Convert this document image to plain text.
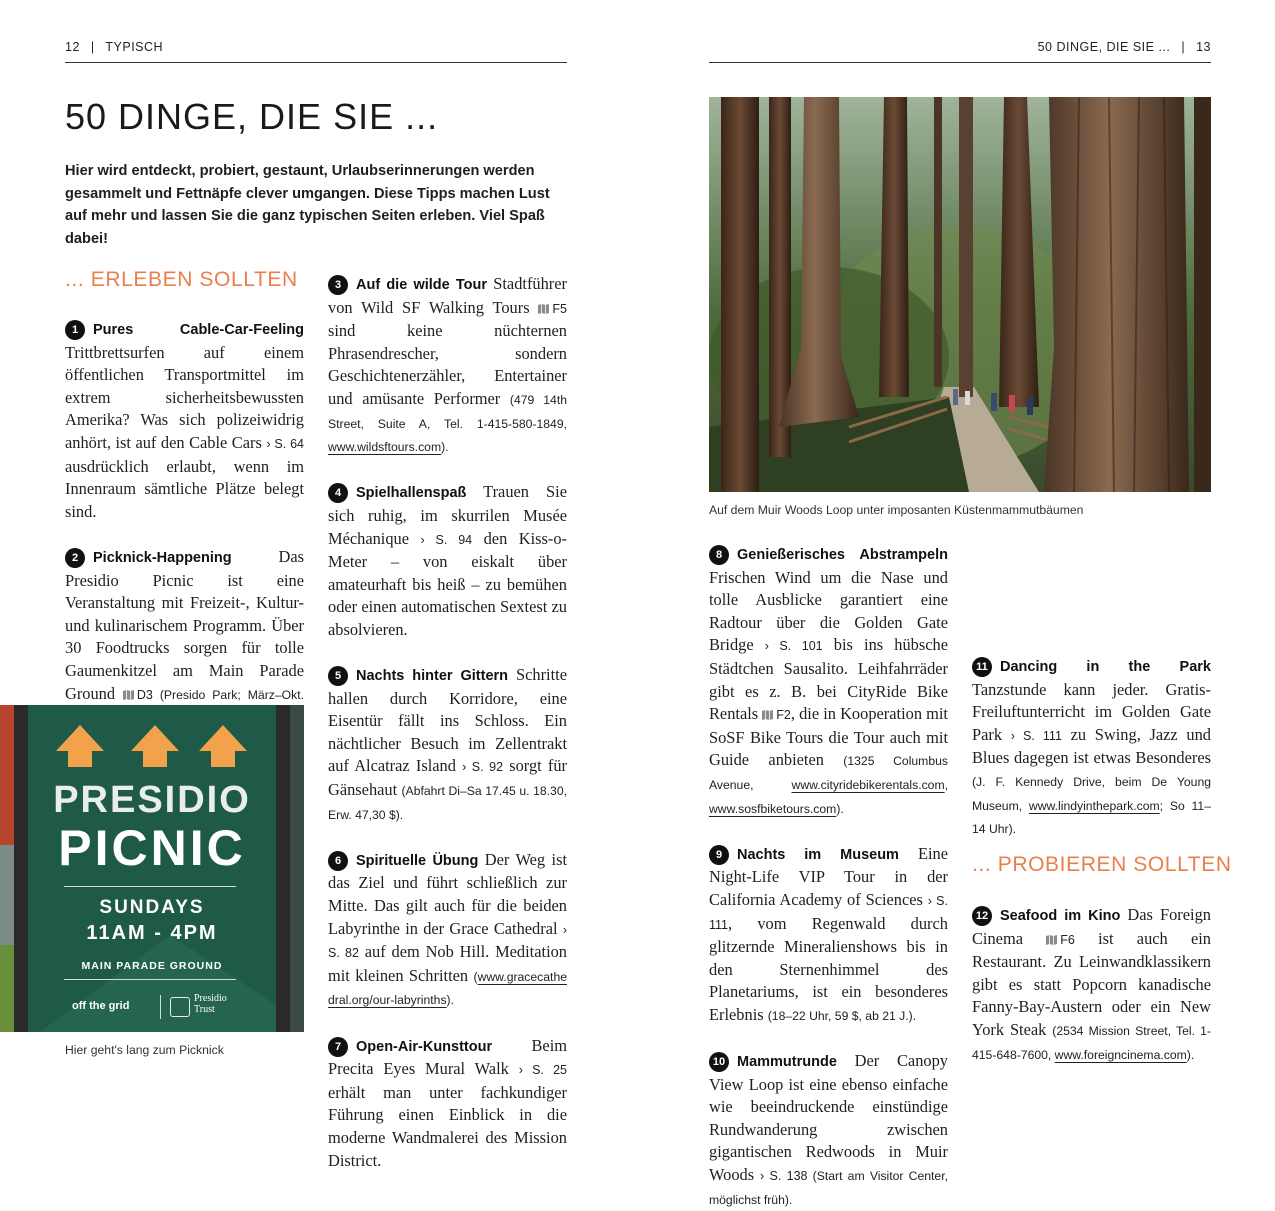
12 | TYPISCH	50 DINGE, DIE SIE ... | 13
50 DINGE, DIE SIE ...

Hier wird entdeckt, probiert, gestaunt, Urlaubserinnerungen werden gesammelt und Fettnäpfe clever umgangen. Diese Tipps machen Lust auf mehr und lassen Sie die ganz typischen Seiten erleben. Viel Spaß dabei!

... ERLEBEN SOLLTEN

1 Pures Cable-Car-Feeling Trittbrettsurfen auf einem öffentlichen Transportmittel im extrem sicherheitsbewussten Amerika? Was sich polizeiwidrig anhört, ist auf den Cable Cars › S. 64 ausdrücklich erlaubt, wenn im Innenraum sämtliche Plätze belegt sind.

2 Picknick-Happening Das Presidio Picnic ist eine Veranstaltung mit Freizeit-, Kultur- und kulinarischem Programm. Über 30 Foodtrucks sorgen für tolle Gaumenkitzel am Main Parade Ground D3 (Presido Park; März–Okt.

3 Auf die wilde Tour Stadtführer von Wild SF Walking Tours F5 sind keine nüchternen Phrasendrescher, sondern Geschichtenerzähler, Entertainer und amüsante Performer (479 14th Street, Suite A, Tel. 1-415-580-1849, www.wildsftours.com).

4 Spielhallenspaß Trauen Sie sich ruhig, im skurrilen Musée Méchanique › S. 94 den Kiss-o-Meter – von eiskalt über amateurhaft bis heiß – zu bemühen oder einen automatischen Sextest zu absolvieren.

5 Nachts hinter Gittern Schritte hallen durch Korridore, eine Eisentür fällt ins Schloss. Ein nächtlicher Besuch im Zellentrakt auf Alcatraz Island › S. 92 sorgt für Gänsehaut (Abfahrt Di–Sa 17.45 u. 18.30, Erw. 47,30 $).

6 Spirituelle Übung Der Weg ist das Ziel und führt schließlich zur Mitte. Das gilt auch für die beiden Labyrinthe in der Grace Cathedral › S. 82 auf dem Nob Hill. Meditation mit kleinen Schritten (www.gracecathedral.org/our-labyrinths).

7 Open-Air-Kunsttour Beim Precita Eyes Mural Walk › S. 25 erhält man unter fachkundiger Führung einen Einblick in die moderne Wandmalerei des Mission District.

PRESIDIO
PICNIC
SUNDAYS
11AM - 4PM
MAIN PARADE GROUND
off the grid
Presidio
Trust
Hier geht's lang zum Picknick
Auf dem Muir Woods Loop unter imposanten Küstenmammutbäumen

8 Genießerisches Abstrampeln Frischen Wind um die Nase und tolle Ausblicke garantiert eine Radtour über die Golden Gate Bridge › S. 101 bis ins hübsche Städtchen Sausalito. Leihfahrräder gibt es z. B. bei CityRide Bike Rentals F2, die in Kooperation mit SoSF Bike Tours die Tour auch mit Guide anbieten (1325 Columbus Avenue, www.cityridebikerentals.com, www.sosfbiketours.com).

9 Nachts im Museum Eine Night-Life VIP Tour in der California Academy of Sciences › S. 111, vom Regenwald durch glitzernde Mineralienshows bis in den Sternenhimmel des Planetariums, ist ein besonderes Erlebnis (18–22 Uhr, 59 $, ab 21 J.).

10 Mammutrunde Der Canopy View Loop ist eine ebenso einfache wie beeindruckende einstündige Rundwanderung zwischen gigantischen Redwoods in Muir Woods › S. 138 (Start am Visitor Center, möglichst früh).

11 Dancing in the Park Tanzstunde kann jeder. Gratis-Freiluftunterricht im Golden Gate Park › S. 111 zu Swing, Jazz und Blues dagegen ist etwas Besonderes (J. F. Kennedy Drive, beim De Young Museum, www.lindyinthepark.com; So 11–14 Uhr).

... PROBIEREN SOLLTEN

12 Seafood im Kino Das Foreign Cinema F6 ist auch ein Restaurant. Zu Leinwandklassikern gibt es statt Popcorn kanadische Fanny-Bay-Austern oder ein New York Steak (2534 Mission Street, Tel. 1-415-648-7600, www.foreigncinema.com).
